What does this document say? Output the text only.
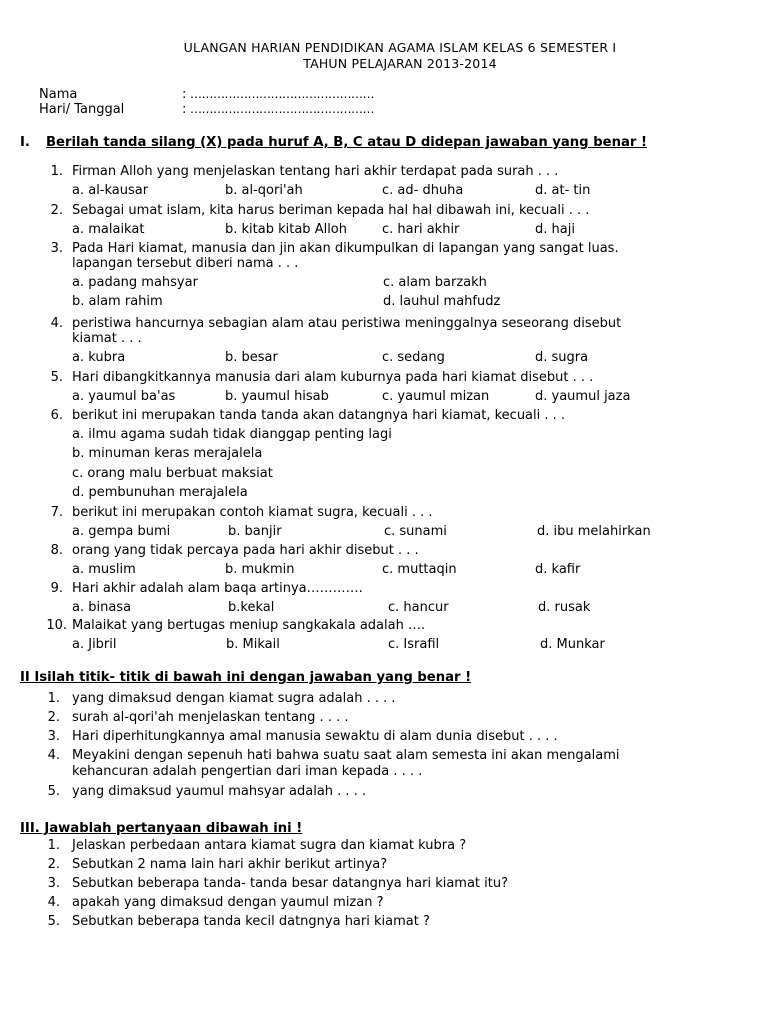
ULANGAN HARIAN PENDIDIKAN AGAMA ISLAM KELAS 6 SEMESTER I
TAHUN PELAJARAN 2013-2014
Nama	: …………………………………………
Hari/ Tanggal	: …………………………………………
I. Berilah tanda silang (X) pada huruf A, B, C atau D didepan jawaban yang benar !
1. Firman Alloh yang menjelaskan tentang hari akhir terdapat pada surah . . .
a. al-kausar	b. al-qori'ah	c. ad- dhuha	d. at- tin
2. Sebagai umat islam, kita harus beriman kepada hal hal dibawah ini, kecuali . . .
a. malaikat	b. kitab kitab Alloh	c. hari akhir	d. haji
3. Pada Hari kiamat, manusia dan jin akan dikumpulkan di lapangan yang sangat luas.
lapangan tersebut diberi nama . . .
a. padang mahsyar	c. alam barzakh
b. alam rahim	d. lauhul mahfudz
4. peristiwa hancurnya sebagian alam atau peristiwa meninggalnya seseorang disebut
kiamat . . .
a. kubra	b. besar	c. sedang	d. sugra
5. Hari dibangkitkannya manusia dari alam kuburnya pada hari kiamat disebut . . .
a. yaumul ba'as	b. yaumul hisab	c. yaumul mizan	d. yaumul jaza
6. berikut ini merupakan tanda tanda akan datangnya hari kiamat, kecuali . . .
a. ilmu agama sudah tidak dianggap penting lagi
b. minuman keras merajalela
c. orang malu berbuat maksiat
d. pembunuhan merajalela
7. berikut ini merupakan contoh kiamat sugra, kecuali . . .
a. gempa bumi	b. banjir	c. sunami	d. ibu melahirkan
8. orang yang tidak percaya pada hari akhir disebut . . .
a. muslim	b. mukmin	c. muttaqin	d. kafir
9. Hari akhir adalah alam baqa artinya………….
a. binasa	b.kekal	c. hancur	d. rusak
10. Malaikat yang bertugas meniup sangkakala adalah ….
a. Jibril	b. Mikail	c. Israfil	d. Munkar
II Isilah titik- titik di bawah ini dengan jawaban yang benar !
1. yang dimaksud dengan kiamat sugra adalah . . . .
2. surah al-qori'ah menjelaskan tentang . . . .
3. Hari diperhitungkannya amal manusia sewaktu di alam dunia disebut . . . .
4. Meyakini dengan sepenuh hati bahwa suatu saat alam semesta ini akan mengalami
kehancuran adalah pengertian dari iman kepada . . . .
5. yang dimaksud yaumul mahsyar adalah . . . .
III. Jawablah pertanyaan dibawah ini !
1. Jelaskan perbedaan antara kiamat sugra dan kiamat kubra ?
2. Sebutkan 2 nama lain hari akhir berikut artinya?
3. Sebutkan beberapa tanda- tanda besar datangnya hari kiamat itu?
4. apakah yang dimaksud dengan yaumul mizan ?
5. Sebutkan beberapa tanda kecil datngnya hari kiamat ?
